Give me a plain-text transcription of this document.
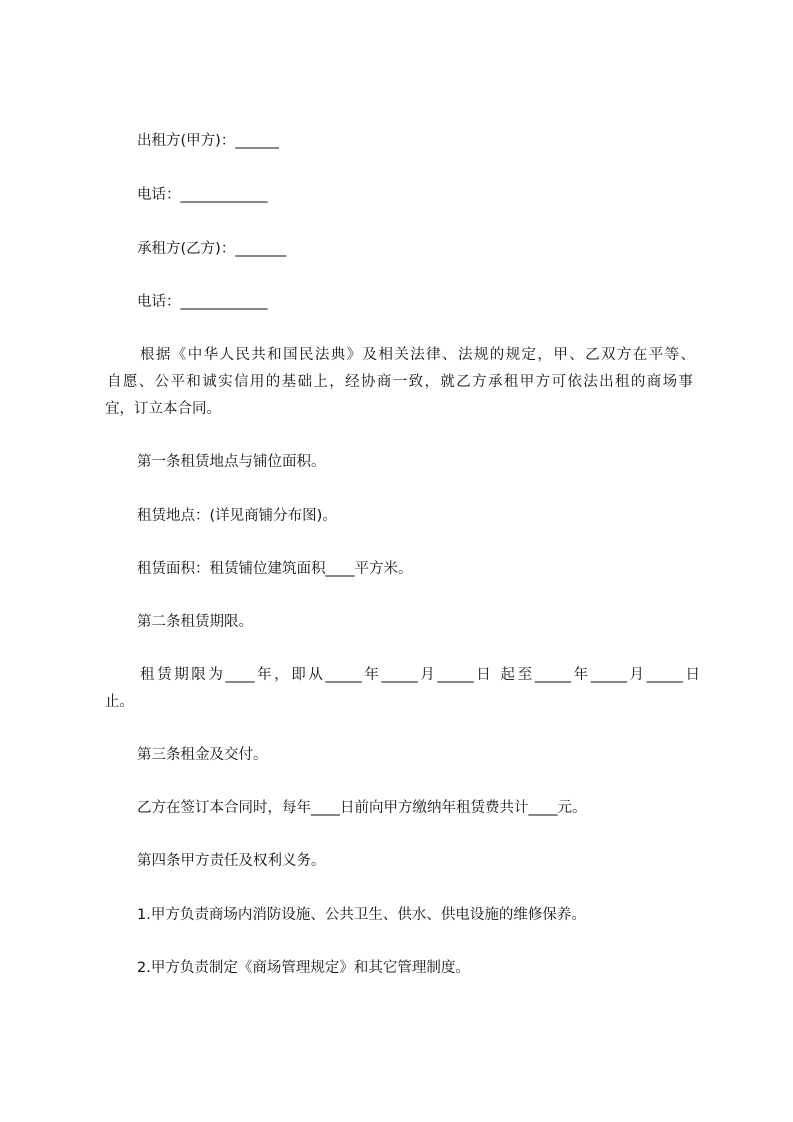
出租方(甲方)：______
电话：____________
承租方(乙方)：_______
电话：____________
根据《中华人民共和国民法典》及相关法律、法规的规定，甲、乙双方在平等、
自愿、公平和诚实信用的基础上，经协商一致，就乙方承租甲方可依法出租的商场事
宜，订立本合同。
第一条租赁地点与铺位面积。
租赁地点：(详见商铺分布图)。
租赁面积：租赁铺位建筑面积____平方米。
第二条租赁期限。
租赁期限为____年，即从_____年_____月_____日 起至_____年_____月_____日
止。
第三条租金及交付。
乙方在签订本合同时，每年____日前向甲方缴纳年租赁费共计____元。
第四条甲方责任及权利义务。
1.甲方负责商场内消防设施、公共卫生、供水、供电设施的维修保养。
2.甲方负责制定《商场管理规定》和其它管理制度。
